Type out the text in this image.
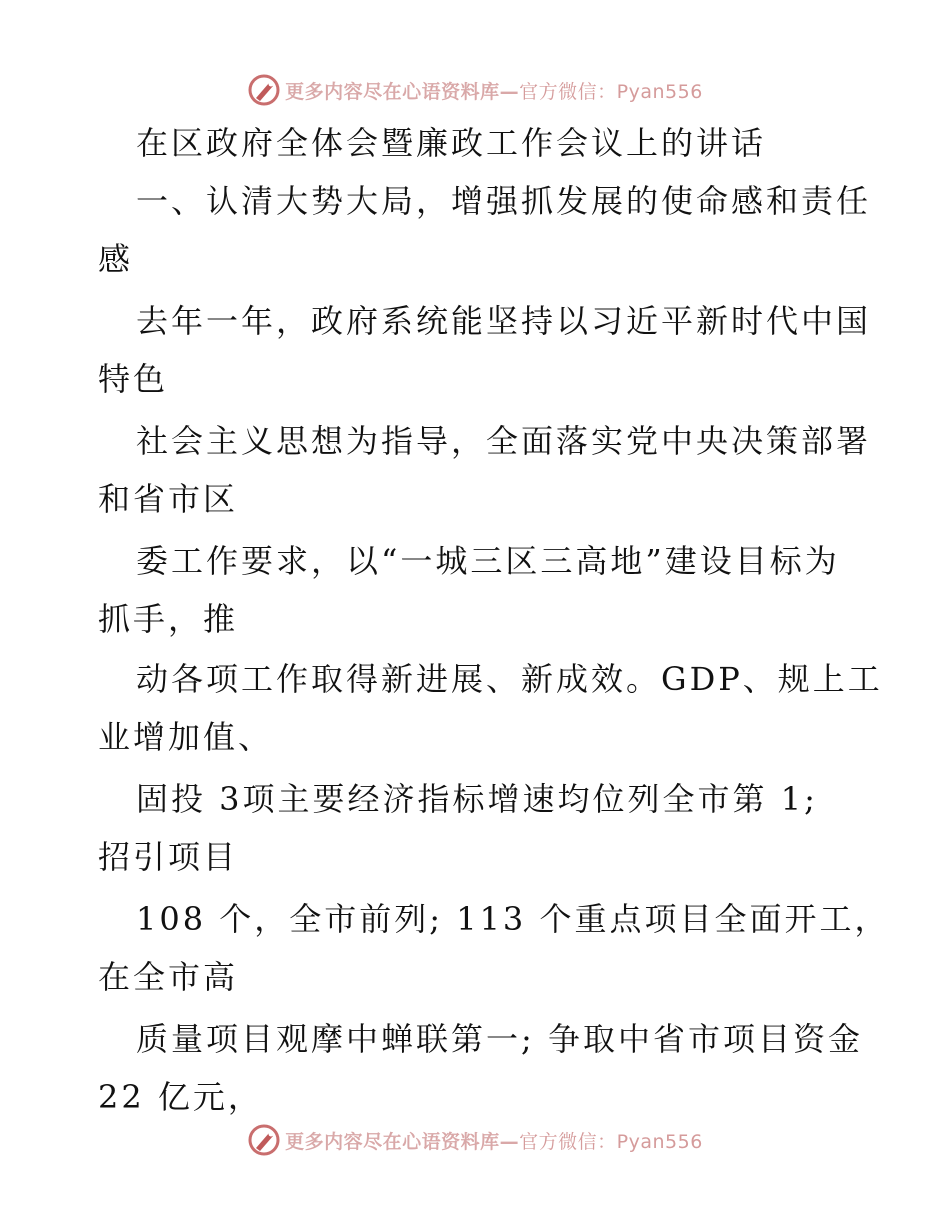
更多内容尽在心语资料库—官方微信：Pyan556
在区政府全体会暨廉政工作会议上的讲话
一、认清大势大局，增强抓发展的使命感和责任
感
去年一年，政府系统能坚持以习近平新时代中国
特色
社会主义思想为指导，全面落实党中央决策部署
和省市区
委工作要求，以“一城三区三高地”建设目标为
抓手，推
动各项工作取得新进展、新成效。GDP、规上工
业增加值、
固投 3项主要经济指标增速均位列全市第 1;
招引项目
108 个，全市前列; 113 个重点项目全面开工，
在全市高
质量项目观摩中蝉联第一; 争取中省市项目资金
22 亿元，
更多内容尽在心语资料库—官方微信：Pyan556
